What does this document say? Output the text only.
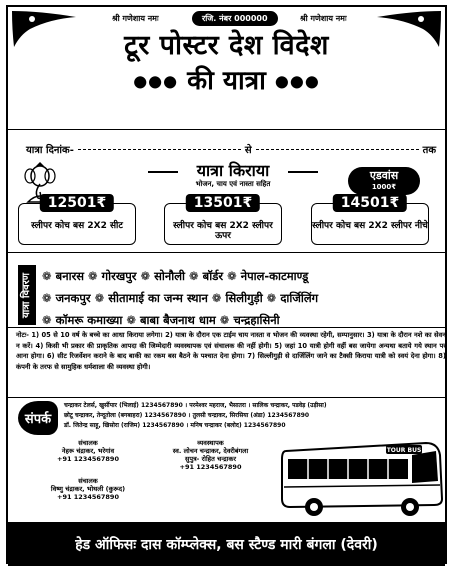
श्री गणेशाय नमः	रजि. नंबर 000000	श्री गणेशाय नमः
टूर पोस्टर देश विदेश
●●● की यात्रा ●●●
यात्रा दिनांक-	से	तक
यात्रा किराया
भोजन, चाय एवं नास्ता सहित
एडवांस
1000₹
12501₹
स्लीपर कोच बस 2X2 सीट
13501₹
स्लीपर कोच बस 2X2 स्लीपर ऊपर
14501₹
स्लीपर कोच बस 2X2 स्लीपर नीचे
यात्रा विवरण ❁ बनारस ❁ गोरखपुर ❁ सोनौली ❁ बॉर्डर ❁ नेपाल-काटमाण्डू
❁ जनकपुर ❁ सीतामाई का जन्म स्थान ❁ सिलीगुड़ी ❁ दार्जिलिंग
❁ कॉमरू कमाख्या ❁ बाबा बैजनाथ धाम ❁ चन्द्रहासिनी
नोटः- 1) 05 से 10 वर्ष के बच्चे का आधा किराया लगेगा। 2) यात्रा के दौरान एक टाईम चाय नास्ता व भोजन की व्यवस्था रहेगी, सम्पानुसार। 3) यात्रा के दौरान नशे का सेवन न करें। 4) किसी भी प्रकार की प्राकृतिक आपदा की जिम्मेदारी व्यवस्थापक एवं संचालक की नहीं होगी। 5) जहां 10 यात्री होगी वहीं बस जायेगा अन्यथा बताये गये स्थान पर आना होगा। 6) सीट रिजर्वेशन कराने के बाद बाकी का रकम बस बैठने के पश्चात देना होगा। 7) सिल्लीगुड़ी से दार्जिलिंग जाने का टैक्सी किराया यात्री को स्वयं देना होगा। 8) कंपनी के तरफ से सामुहिक धर्मशाला की व्यवस्था होगी।
संपर्क
चन्द्राकर टेलर्स, खुर्सीपार (भिलाई) 1234567890 । परमेश्वर महराज, भैसातरा । सालिक चन्द्राकर, पडवेड़ (उड़ीसा)
छोटू चन्द्राकर, तेन्दूतोला (बगबाहरा) 1234567890 । तुलसी चन्द्राकर, सिरसिया (अंडा) 1234567890
डॉ. जितेन्द्र साहू, खिसोरा (राजिम) 1234567890 । मनिष चन्द्राकर (बलोद) 1234567890
संचालक
नेहरू चंद्राकर, भरेगांव
+91 1234567890
संचालक
विष्णु चंद्राकर, भोथली (कुरूद)
+91 1234567890
व्यवस्थापक
स्व. लोचन चन्द्राकर, देवरीबंगला
सुपुत्र- रोहित चन्द्राकर
+91 1234567890
TOUR BUS
हेड ऑफिसः दास कॉम्प्लेक्स, बस स्टैण्ड मारी बंगला (देवरी)
